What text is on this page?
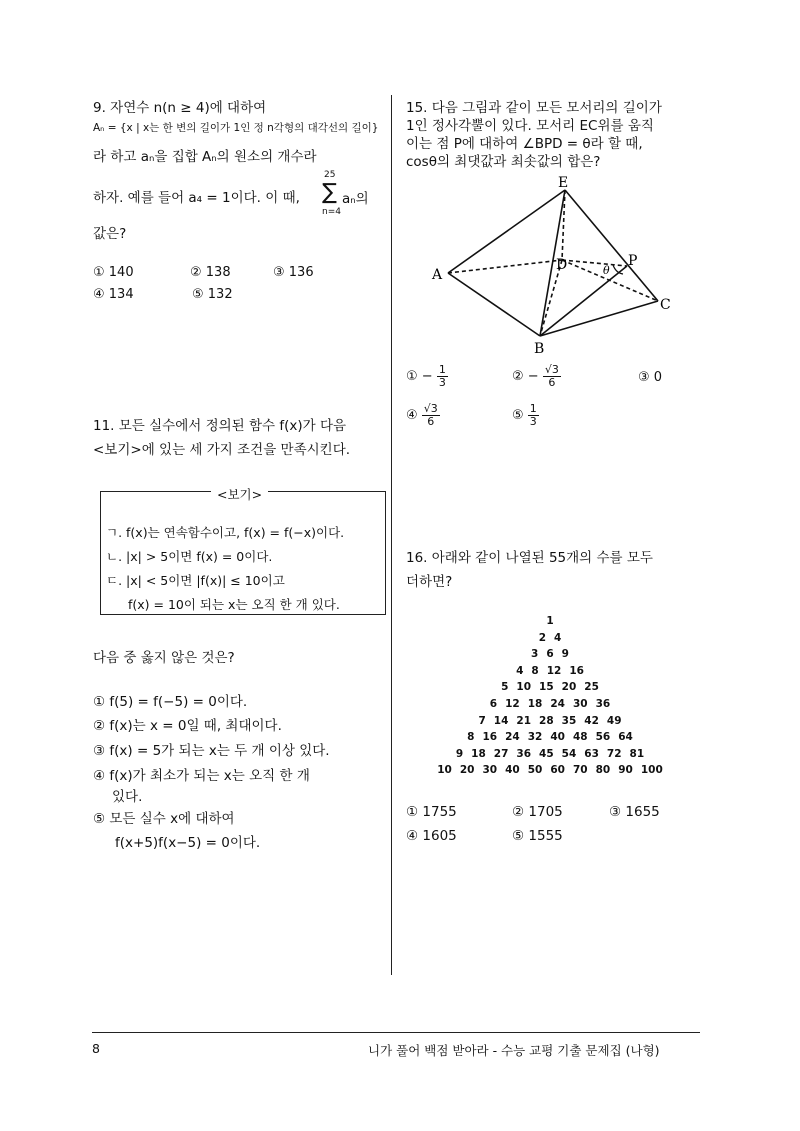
9. 자연수 n(n ≥ 4)에 대하여
Aₙ = {x | x는 한 변의 길이가 1인 정 n각형의 대각선의 길이}
라 하고 aₙ을 집합 Aₙ의 원소의 개수라
하자. 예를 들어 a₄ = 1이다. 이 때,
25
∑
n=4
aₙ의
값은?
① 140	② 138	③ 136
④ 134	⑤ 132
11. 모든 실수에서 정의된 함수 f(x)가 다음
<보기>에 있는 세 가지 조건을 만족시킨다.
<보기>
ㄱ. f(x)는 연속함수이고, f(x) = f(−x)이다.
ㄴ. |x| > 5이면 f(x) = 0이다.
ㄷ. |x| < 5이면 |f(x)| ≤ 10이고
f(x) = 10이 되는 x는 오직 한 개 있다.
다음 중 옳지 않은 것은?
① f(5) = f(−5) = 0이다.
② f(x)는 x = 0일 때, 최대이다.
③ f(x) = 5가 되는 x는 두 개 이상 있다.
④ f(x)가 최소가 되는 x는 오직 한 개
있다.
⑤ 모든 실수 x에 대하여
f(x+5)f(x−5) = 0이다.
15. 다음 그림과 같이 모든 모서리의 길이가
1인 정사각뿔이 있다. 모서리 EC위를 움직
이는 점 P에 대하여 ∠BPD = θ라 할 때,
cosθ의 최댓값과 최솟값의 합은?
E
A
D	P
C
B
θ
① − $\frac{1}{3}$	② − $\frac{√3}{6}$	③ 0
④ $\frac{√3}{6}$	⑤ $\frac{1}{3}$
16. 아래와 같이 나열된 55개의 수를 모두
더하면?
1
2 4
3 6 9
4 8 12 16
5 10 15 20 25
6 12 18 24 30 36
7 14 21 28 35 42 49
8 16 24 32 40 48 56 64
9 18 27 36 45 54 63 72 81
10 20 30 40 50 60 70 80 90 100
① 1755	② 1705	③ 1655
④ 1605	⑤ 1555
8	니가 풀어 백점 받아라 - 수능 교평 기출 문제집 (나형)
